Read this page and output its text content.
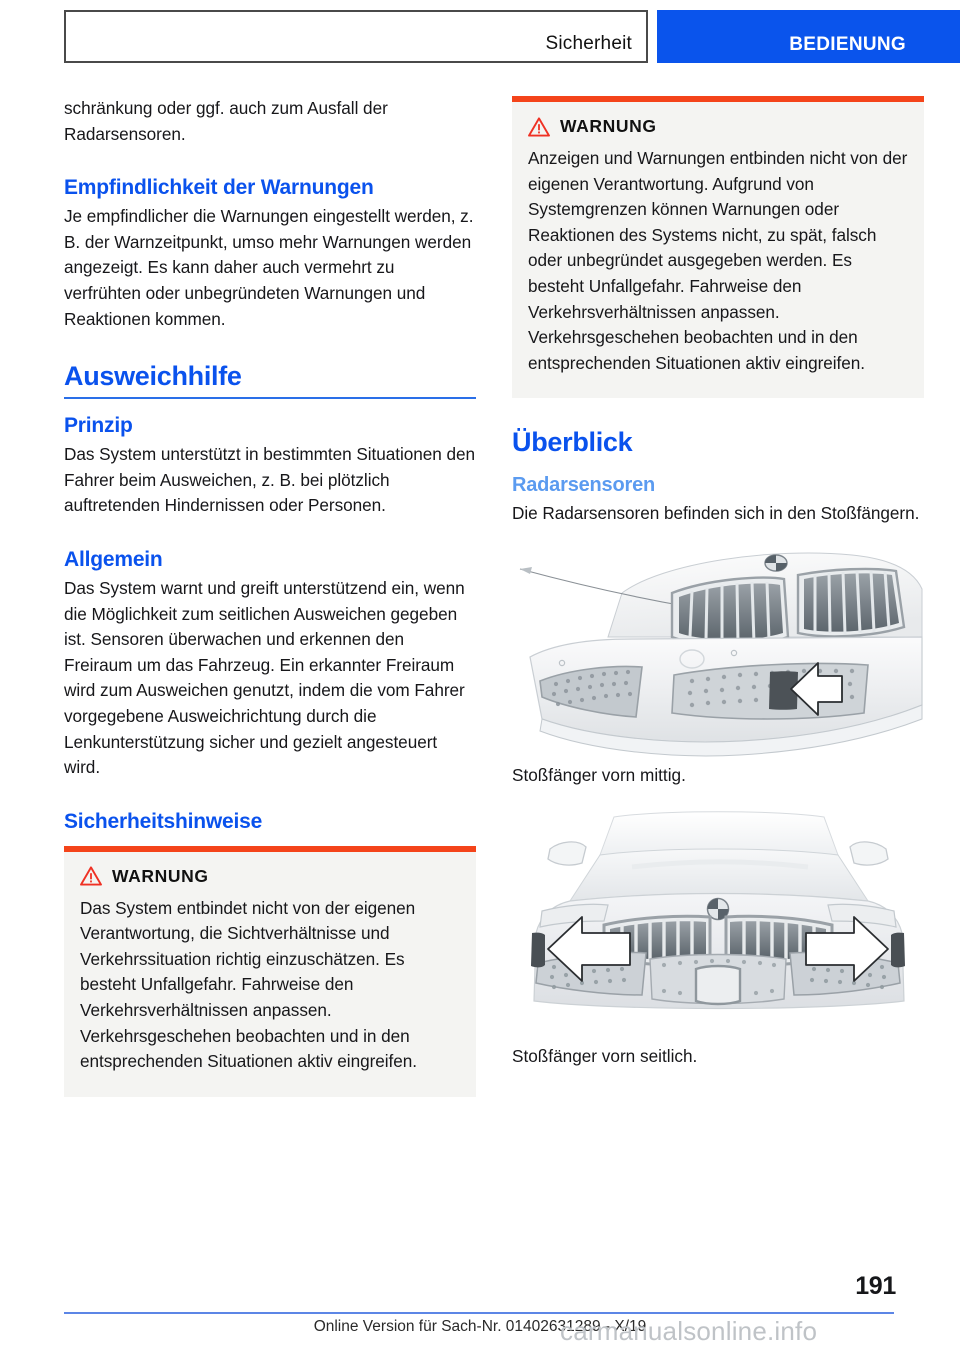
Sicherheit	BEDIENUNG

schränkung oder ggf. auch zum Ausfall der Radarsensoren.

Empfindlichkeit der Warnungen

Je empfindlicher die Warnungen eingestellt werden, z. B. der Warnzeitpunkt, umso mehr Warnungen werden angezeigt. Es kann daher auch vermehrt zu verfrühten oder unbegründeten Warnungen und Reaktionen kommen.

Ausweichhilfe
Prinzip

Das System unterstützt in bestimmten Situationen den Fahrer beim Ausweichen, z. B. bei plötzlich auftretenden Hindernissen oder Personen.

Allgemein

Das System warnt und greift unterstützend ein, wenn die Möglichkeit zum seitlichen Ausweichen gegeben ist. Sensoren überwachen und erkennen den Freiraum um das Fahrzeug. Ein erkannter Freiraum wird zum Ausweichen genutzt, indem die vom Fahrer vorgegebene Ausweichrichtung durch die Lenkunterstützung sicher und gezielt angesteuert wird.

Sicherheitshinweise
WARNUNG
Das System entbindet nicht von der eigenen Verantwortung, die Sichtverhältnisse und Verkehrssituation richtig einzuschätzen. Es besteht Unfallgefahr. Fahrweise den Verkehrsverhältnissen anpassen. Verkehrsgeschehen beobachten und in den entsprechenden Situationen aktiv eingreifen.
WARNUNG
Anzeigen und Warnungen entbinden nicht von der eigenen Verantwortung. Aufgrund von Systemgrenzen können Warnungen oder Reaktionen des Systems nicht, zu spät, falsch oder unbegründet ausgegeben werden. Es besteht Unfallgefahr. Fahrweise den Verkehrsverhältnissen anpassen. Verkehrsgeschehen beobachten und in den entsprechenden Situationen aktiv eingreifen.
Überblick
Radarsensoren

Die Radarsensoren befinden sich in den Stoßfängern.

Stoßfänger vorn mittig.
Stoßfänger vorn seitlich.
191
Online Version für Sach-Nr. 01402631289 - X/19
carmanualsonline.info
